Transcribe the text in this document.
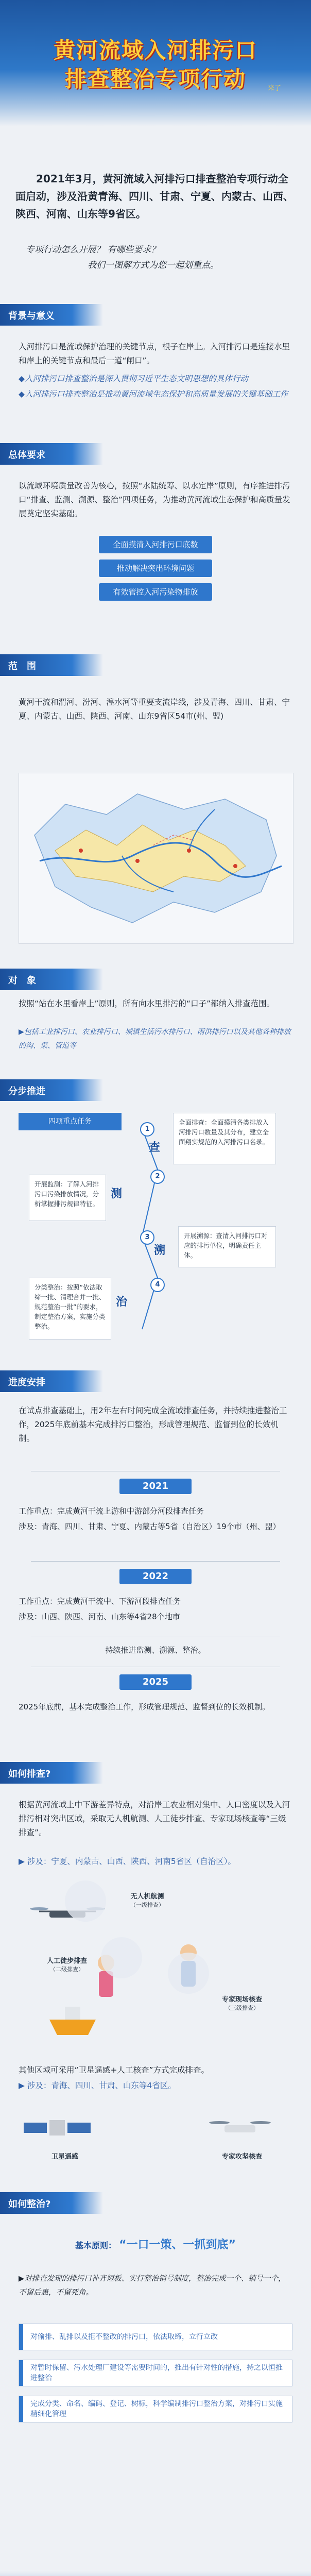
黄河流域入河排污口
排查整治专项行动	来了
2021年3月，黄河流域入河排污口排查整治专项行动全面启动，涉及沿黄青海、四川、甘肃、宁夏、内蒙古、山西、陕西、河南、山东等9省区。
专项行动怎么开展？ 有哪些要求？
我们一图解方式为您一起划重点。
背景与意义
入河排污口是流域保护治理的关键节点，根子在岸上。入河排污口是连接水里和岸上的关键节点和最后一道“闸口”。
◆入河排污口排查整治是深入贯彻习近平生态文明思想的具体行动
◆入河排污口排查整治是推动黄河流域生态保护和高质量发展的关键基础工作
总体要求
以流域环境质量改善为核心，按照“水陆统筹、以水定岸”原则，有序推进排污口“排查、监测、溯源、整治”四项任务，为推动黄河流域生态保护和高质量发展奠定坚实基础。
全面摸清入河排污口底数
推动解决突出环境问题
有效管控入河污染物排放
范　围
黄河干流和渭河、汾河、湟水河等重要支流岸线，涉及青海、四川、甘肃、宁夏、内蒙古、山西、陕西、河南、山东9省区54市(州、盟)
对　象
按照“站在水里看岸上”原则，所有向水里排污的“口子”都纳入排查范围。
▶包括工业排污口、农业排污口、城镇生活污水排污口、雨洪排污口以及其他各种排放的沟、渠、管道等
分步推进
四项重点任务
1
查
全面排查：全面摸清各类排放入河排污口数量及其分布，建立全面翔实规范的入河排污口名录。
2
测
开展监测：了解入河排污口污染排放情况，分析掌握排污规律特征。
3
溯
开展溯源：查清入河排污口对应的排污单位，明确责任主体。
4
治
分类整治：按照“依法取缔一批、清理合并一批、规范整治一批”的要求，制定整治方案，实施分类整治。
进度安排
在试点排查基础上，用2年左右时间完成全流域排查任务，并持续推进整治工作，2025年底前基本完成排污口整治，形成管理规范、监督到位的长效机制。
2021
工作重点：完成黄河干流上游和中游部分河段排查任务
涉及：青海、四川、甘肃、宁夏、内蒙古等5省（自治区）19个市（州、盟）
2022
工作重点：完成黄河干流中、下游河段排查任务
涉及：山西、陕西、河南、山东等4省28个地市
持续推进监测、溯源、整治。
2025
2025年底前，基本完成整治工作，形成管理规范、监督到位的长效机制。
如何排查?
根据黄河流域上中下游差异特点，对沿岸工农业相对集中、人口密度以及入河排污相对突出区域，采取无人机航测、人工徒步排查、专家现场核查等“三级排查”。
▶ 涉及：宁夏、内蒙古、山西、陕西、河南5省区（自治区）。
无人机航测
（一级排查）
人工徒步排查
（二级排查）
专家现场核查
（三级排查）
其他区域可采用“卫星遥感+人工核查”方式完成排查。
▶ 涉及：青海、四川、甘肃、山东等4省区。
卫星遥感	专家攻坚核查
如何整治?
基本原则： “一口一策、一抓到底”
▶对排查发现的排污口补齐短板、实行整治销号制度，整治完成一个、销号一个，不留后患，不留死角。
对偷排、乱排以及拒不整改的排污口，依法取缔，立行立改
对暂时保留、污水处理厂建设等需要时间的，推出有针对性的措施，持之以恒推进整治
完成分类、命名、编码、登记、树标，科学编制排污口整治方案，对排污口实施精细化管理
